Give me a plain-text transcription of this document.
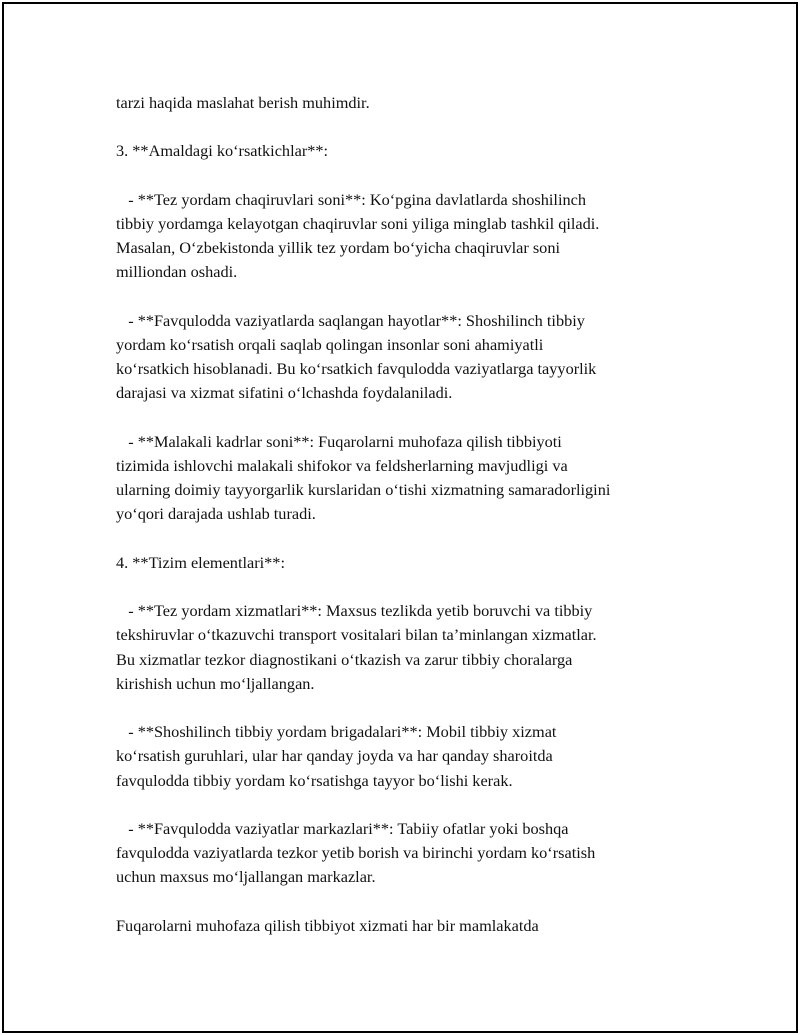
tarzi haqida maslahat berish muhimdir.
3. **Amaldagi ko‘rsatkichlar**:
- **Tez yordam chaqiruvlari soni**: Ko‘pgina davlatlarda shoshilinch
tibbiy yordamga kelayotgan chaqiruvlar soni yiliga minglab tashkil qiladi.
Masalan, O‘zbekistonda yillik tez yordam bo‘yicha chaqiruvlar soni
milliondan oshadi.
- **Favqulodda vaziyatlarda saqlangan hayotlar**: Shoshilinch tibbiy
yordam ko‘rsatish orqali saqlab qolingan insonlar soni ahamiyatli
ko‘rsatkich hisoblanadi. Bu ko‘rsatkich favqulodda vaziyatlarga tayyorlik
darajasi va xizmat sifatini o‘lchashda foydalaniladi.
- **Malakali kadrlar soni**: Fuqarolarni muhofaza qilish tibbiyoti
tizimida ishlovchi malakali shifokor va feldsherlarning mavjudligi va
ularning doimiy tayyorgarlik kurslaridan o‘tishi xizmatning samaradorligini
yo‘qori darajada ushlab turadi.
4. **Tizim elementlari**:
- **Tez yordam xizmatlari**: Maxsus tezlikda yetib boruvchi va tibbiy
tekshiruvlar o‘tkazuvchi transport vositalari bilan ta’minlangan xizmatlar.
Bu xizmatlar tezkor diagnostikani o‘tkazish va zarur tibbiy choralarga
kirishish uchun mo‘ljallangan.
- **Shoshilinch tibbiy yordam brigadalari**: Mobil tibbiy xizmat
ko‘rsatish guruhlari, ular har qanday joyda va har qanday sharoitda
favqulodda tibbiy yordam ko‘rsatishga tayyor bo‘lishi kerak.
- **Favqulodda vaziyatlar markazlari**: Tabiiy ofatlar yoki boshqa
favqulodda vaziyatlarda tezkor yetib borish va birinchi yordam ko‘rsatish
uchun maxsus mo‘ljallangan markazlar.
Fuqarolarni muhofaza qilish tibbiyot xizmati har bir mamlakatda
